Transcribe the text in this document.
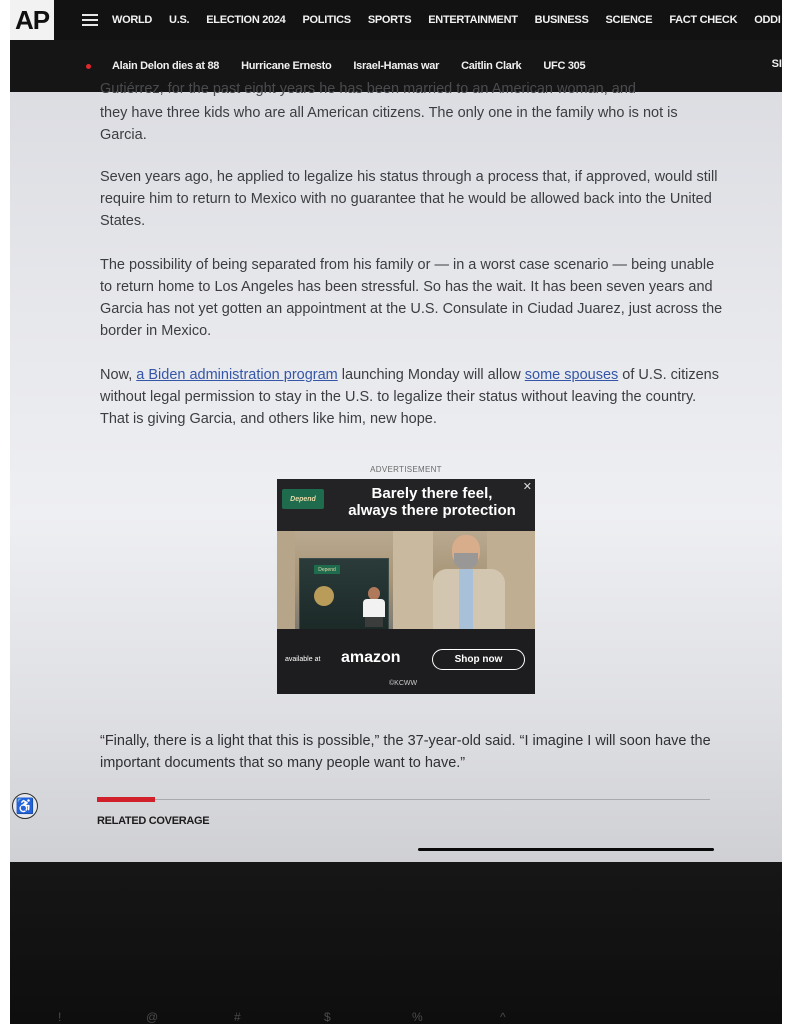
AP	WORLD U.S. ELECTION 2024 POLITICS SPORTS ENTERTAINMENT BUSINESS SCIENCE FACT CHECK ODDI
Alain Delon dies at 88 Hurricane Ernesto Israel-Hamas war Caitlin Clark UFC 305	SI

Gutiérrez, for the past eight years he has been married to an American woman, and

they have three kids who are all American citizens. The only one in the family who is not is Garcia.

Seven years ago, he applied to legalize his status through a process that, if approved, would still require him to return to Mexico with no guarantee that he would be allowed back into the United States.

The possibility of being separated from his family or — in a worst case scenario — being unable to return home to Los Angeles has been stressful. So has the wait. It has been seven years and Garcia has not yet gotten an appointment at the U.S. Consulate in Ciudad Juarez, just across the border in Mexico.

Now, a Biden administration program launching Monday will allow some spouses of U.S. citizens without legal permission to stay in the U.S. to legalize their status without leaving the country. That is giving Garcia, and others like him, new hope.

ADVERTISEMENT
Depend	Barely there feel,
always there protection
✕
Depend
available at amazon	Shop now
©KCWW

“Finally, there is a light that this is possible,” the 37-year-old said. “I imagine I will soon have the important documents that so many people want to have.”

♿
RELATED COVERAGE
!	@	#	$	%	^
